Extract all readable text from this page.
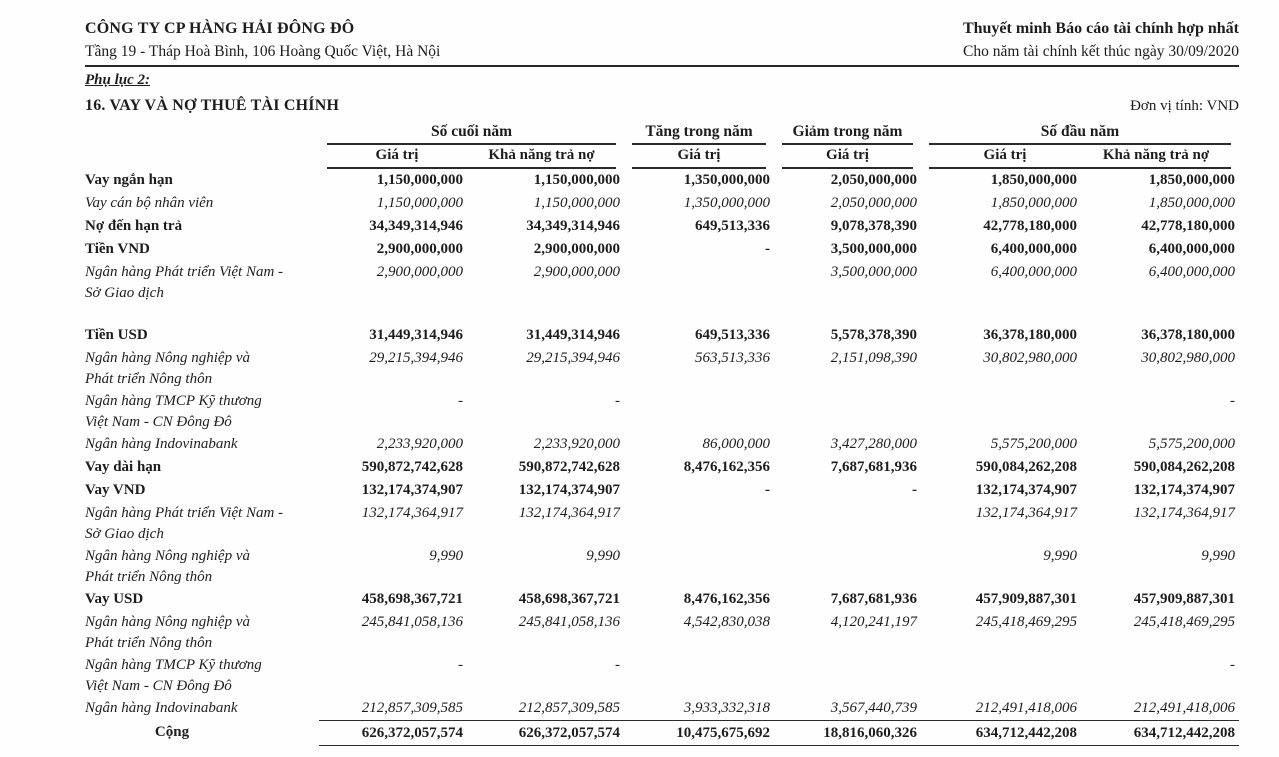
CÔNG TY CP HÀNG HẢI ĐÔNG ĐÔ
Tầng 19 - Tháp Hoà Bình, 106 Hoàng Quốc Việt, Hà Nội
Thuyết minh Báo cáo tài chính hợp nhất
Cho năm tài chính kết thúc ngày 30/09/2020
Phụ lục 2:
16. VAY VÀ NỢ THUÊ TÀI CHÍNH	Đơn vị tính: VND

	Số cuối năm		Tăng trong năm	Giảm trong năm	Số đầu năm	

	Giá trị	Khả năng trả nợ	Giá trị	Giá trị	Giá trị	Khả năng trả nợ

Vay ngắn hạn	1,150,000,000	1,150,000,000	1,350,000,000	2,050,000,000	1,850,000,000	1,850,000,000

Vay cán bộ nhân viên	1,150,000,000	1,150,000,000	1,350,000,000	2,050,000,000	1,850,000,000	1,850,000,000

Nợ đến hạn trả	34,349,314,946	34,349,314,946	649,513,336	9,078,378,390	42,778,180,000	42,778,180,000

Tiền VND	2,900,000,000	2,900,000,000	-	3,500,000,000	6,400,000,000	6,400,000,000

Ngân hàng Phát triển Việt Nam -
Sở Giao dịch	2,900,000,000	2,900,000,000		3,500,000,000	6,400,000,000	6,400,000,000

Tiền USD	31,449,314,946	31,449,314,946	649,513,336	5,578,378,390	36,378,180,000	36,378,180,000

Ngân hàng Nông nghiệp và
Phát triển Nông thôn	29,215,394,946	29,215,394,946	563,513,336	2,151,098,390	30,802,980,000	30,802,980,000

Ngân hàng TMCP Kỹ thương
Việt Nam - CN Đông Đô	-	-				-

Ngân hàng Indovinabank	2,233,920,000	2,233,920,000	86,000,000	3,427,280,000	5,575,200,000	5,575,200,000

Vay dài hạn	590,872,742,628	590,872,742,628	8,476,162,356	7,687,681,936	590,084,262,208	590,084,262,208

Vay VND	132,174,374,907	132,174,374,907	-	-	132,174,374,907	132,174,374,907

Ngân hàng Phát triển Việt Nam -
Sở Giao dịch	132,174,364,917	132,174,364,917			132,174,364,917	132,174,364,917

Ngân hàng Nông nghiệp và
Phát triển Nông thôn	9,990	9,990			9,990	9,990

Vay USD	458,698,367,721	458,698,367,721	8,476,162,356	7,687,681,936	457,909,887,301	457,909,887,301

Ngân hàng Nông nghiệp và
Phát triển Nông thôn	245,841,058,136	245,841,058,136	4,542,830,038	4,120,241,197	245,418,469,295	245,418,469,295

Ngân hàng TMCP Kỹ thương
Việt Nam - CN Đông Đô	-	-				-

Ngân hàng Indovinabank	212,857,309,585	212,857,309,585	3,933,332,318	3,567,440,739	212,491,418,006	212,491,418,006

Cộng	626,372,057,574	626,372,057,574	10,475,675,692	18,816,060,326	634,712,442,208	634,712,442,208
